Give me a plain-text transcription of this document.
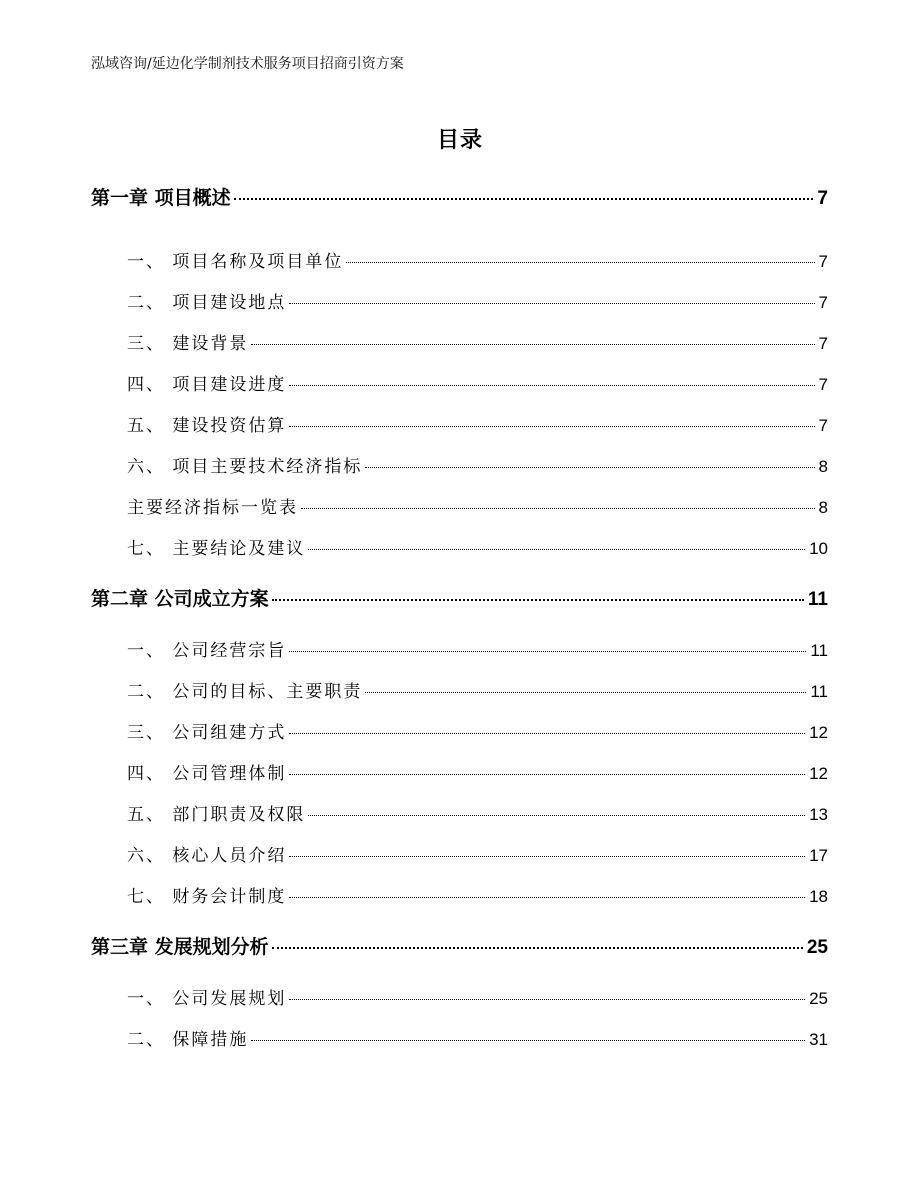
泓域咨询/延边化学制剂技术服务项目招商引资方案
目录
第一章 项目概述	7
一、 项目名称及项目单位	7
二、 项目建设地点	7
三、 建设背景	7
四、 项目建设进度	7
五、 建设投资估算	7
六、 项目主要技术经济指标	8
主要经济指标一览表	8
七、 主要结论及建议	10
第二章 公司成立方案	11
一、 公司经营宗旨	11
二、 公司的目标、主要职责	11
三、 公司组建方式	12
四、 公司管理体制	12
五、 部门职责及权限	13
六、 核心人员介绍	17
七、 财务会计制度	18
第三章 发展规划分析	25
一、 公司发展规划	25
二、 保障措施	31
